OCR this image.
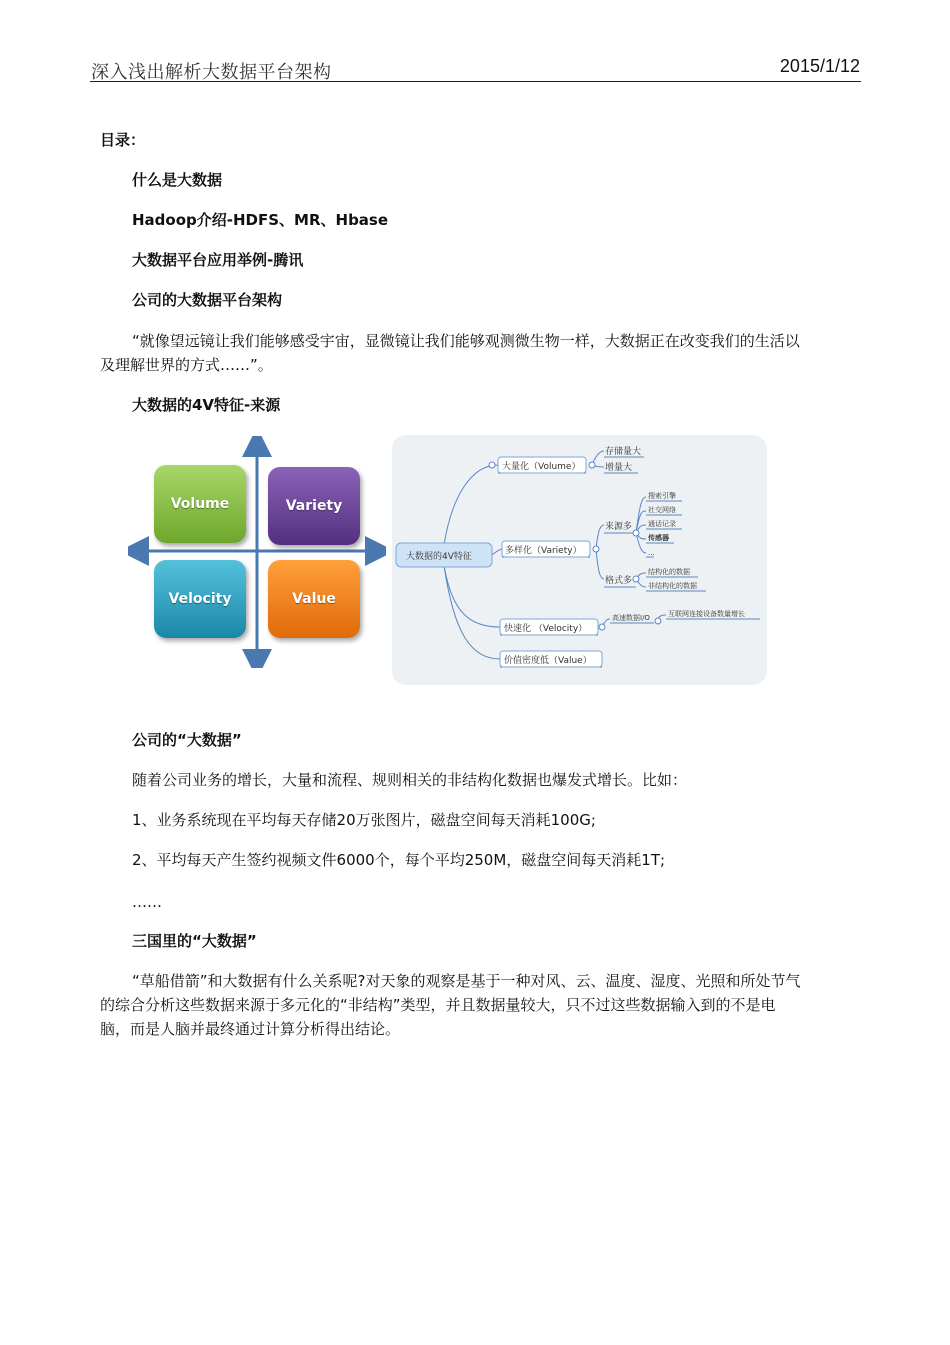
深入浅出解析大数据平台架构	2015/1/12
目录：
什么是大数据
Hadoop介绍-HDFS、MR、Hbase
大数据平台应用举例-腾讯
公司的大数据平台架构
“就像望远镜让我们能够感受宇宙，显微镜让我们能够观测微生物一样，大数据正在改变我们的生活以
及理解世界的方式……”。
大数据的4V特征-来源
Volume	Variety
Velocity	Value
大数据的4V特征
大量化（Volume）
存储量大
增量大
多样化（Variety）
来源多
搜索引擎
社交网络
通话记录
传感器
...
格式多
结构化的数据
非结构化的数据
快速化 （Velocity）
高速数据I/O	互联网连接设备数量增长
价值密度低（Value）
公司的“大数据”
随着公司业务的增长，大量和流程、规则相关的非结构化数据也爆发式增长。比如：
1、业务系统现在平均每天存储20万张图片，磁盘空间每天消耗100G;
2、平均每天产生签约视频文件6000个，每个平均250M，磁盘空间每天消耗1T;
……
三国里的“大数据”
“草船借箭”和大数据有什么关系呢?对天象的观察是基于一种对风、云、温度、湿度、光照和所处节气
的综合分析这些数据来源于多元化的“非结构”类型，并且数据量较大，只不过这些数据输入到的不是电
脑，而是人脑并最终通过计算分析得出结论。
